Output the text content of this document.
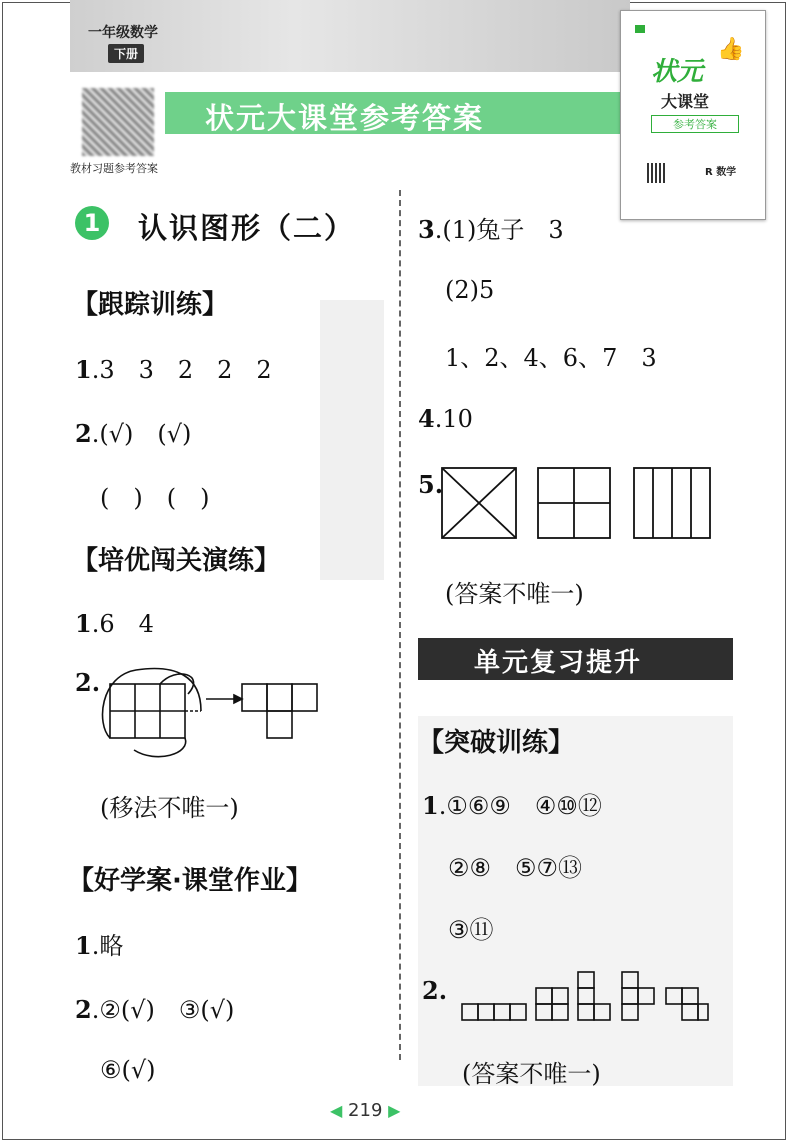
一年级数学
下册
教材习题参考答案
状元大课堂参考答案
状元
👍
大课堂
参考答案
R 数学
1 认识图形（二）
【跟踪训练】
1.3　3　2　2　2
2.(√)　(√)
(　)　(　)
【培优闯关演练】
1.6　4
2.
(移法不唯一)
【好学案·课堂作业】
1.略
2.②(√)　③(√)
⑥(√)
3.(1)兔子　3
(2)5
1、2、4、6、7　3
4.10
5.
(答案不唯一)
单元复习提升
【突破训练】
1.①⑥⑨　④⑩⑫
②⑧　⑤⑦⑬
③⑪
2.
(答案不唯一)
◀ 219 ▶
